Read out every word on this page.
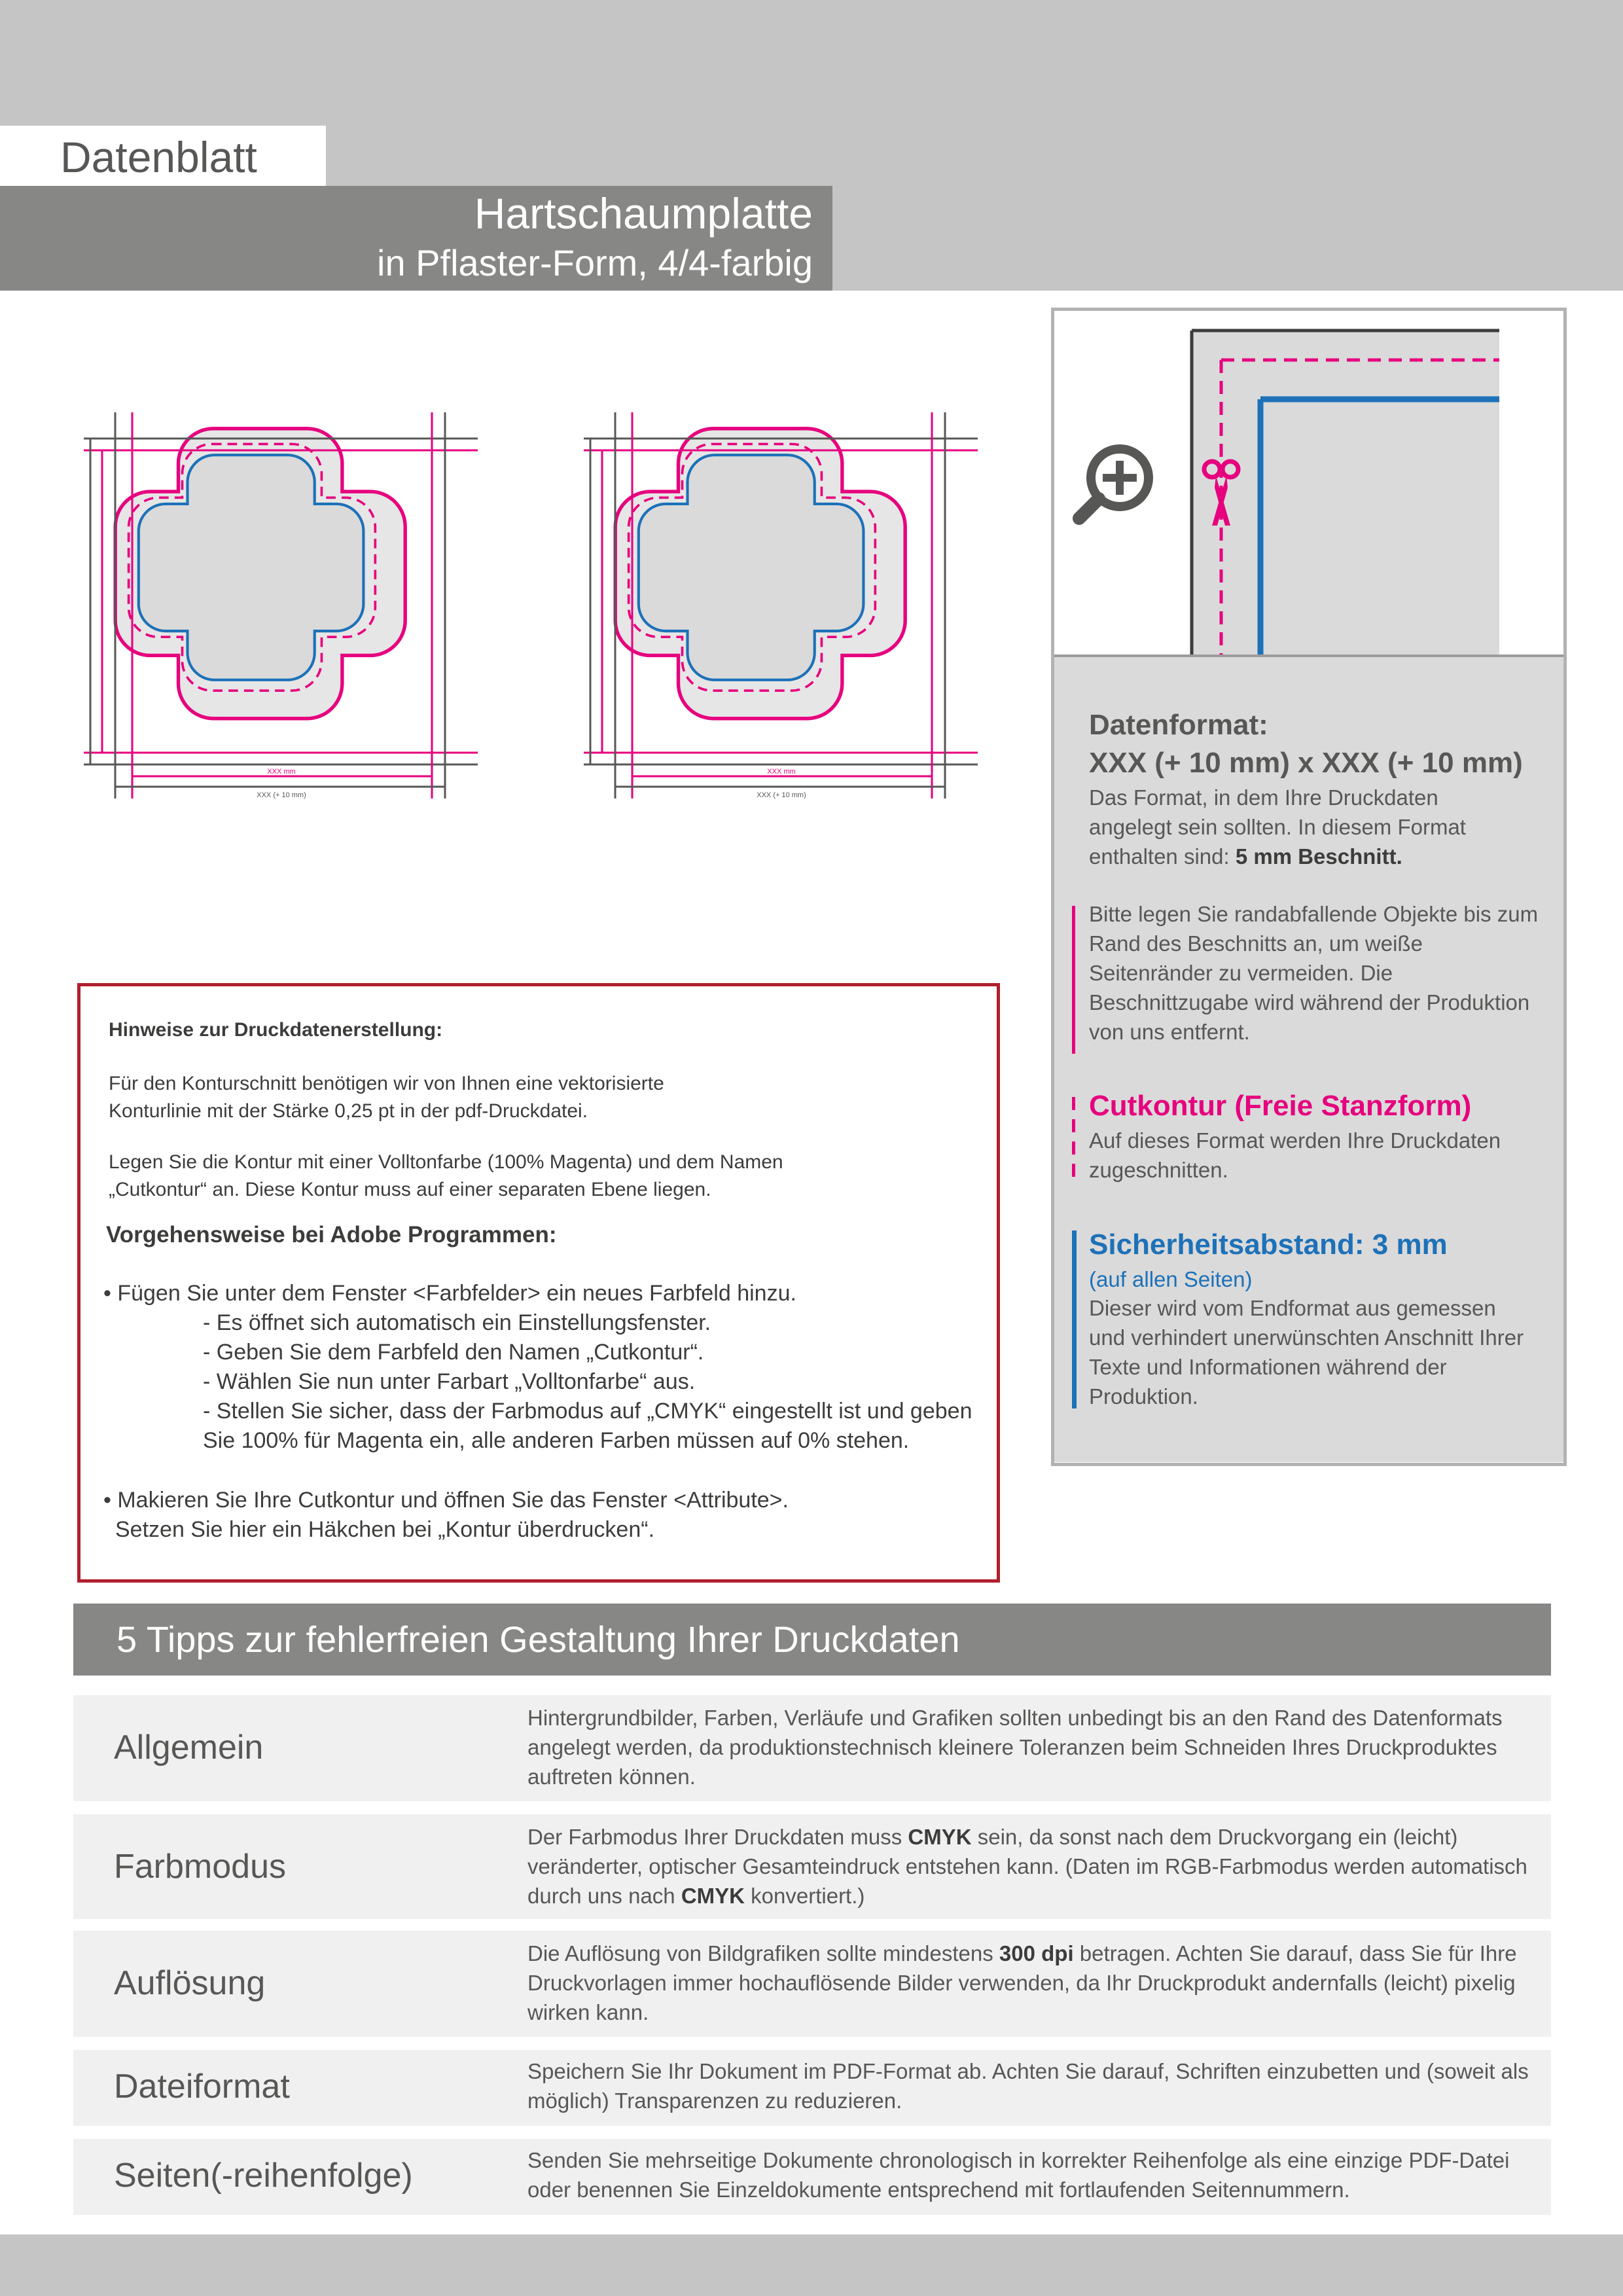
Datenblatt
Hartschaumplatte
in Pflaster-Form, 4/4-farbig
XXX mm
XXX (+ 10 mm)
XXX mm
XXX (+ 10 mm)
Datenformat:
XXX (+ 10 mm) x XXX (+ 10 mm)
Das Format, in dem Ihre Druckdaten angelegt sein sollten. In diesem Format enthalten sind: 5 mm Beschnitt.
Bitte legen Sie randabfallende Objekte bis zum Rand des Beschnitts an, um weiße Seitenränder zu vermeiden. Die Beschnittzugabe wird während der Produktion von uns entfernt.
Cutkontur (Freie Stanzform)
Auf dieses Format werden Ihre Druckdaten zugeschnitten.
Sicherheitsabstand: 3 mm
(auf allen Seiten)
Dieser wird vom Endformat aus gemessen und verhindert unerwünschten Anschnitt Ihrer Texte und Informationen während der Produktion.
Hinweise zur Druckdatenerstellung:
Für den Konturschnitt benötigen wir von Ihnen eine vektorisierte
Konturlinie mit der Stärke 0,25 pt in der pdf-Druckdatei.
Legen Sie die Kontur mit einer Volltonfarbe (100% Magenta) und dem Namen
„Cutkontur“ an. Diese Kontur muss auf einer separaten Ebene liegen.
Vorgehensweise bei Adobe Programmen:
• Fügen Sie unter dem Fenster <Farbfelder> ein neues Farbfeld hinzu.
- Es öffnet sich automatisch ein Einstellungsfenster.
- Geben Sie dem Farbfeld den Namen „Cutkontur“.
- Wählen Sie nun unter Farbart „Volltonfarbe“ aus.
- Stellen Sie sicher, dass der Farbmodus auf „CMYK“ eingestellt ist und geben
Sie 100% für Magenta ein, alle anderen Farben müssen auf 0% stehen.
• Makieren Sie Ihre Cutkontur und öffnen Sie das Fenster <Attribute>.
Setzen Sie hier ein Häkchen bei „Kontur überdrucken“.
5 Tipps zur fehlerfreien Gestaltung Ihrer Druckdaten
Allgemein
Hintergrundbilder, Farben, Verläufe und Grafiken sollten unbedingt bis an den Rand des Datenformats angelegt werden, da produktionstechnisch kleinere Toleranzen beim Schneiden Ihres Druckproduktes auftreten können.
Farbmodus
Der Farbmodus Ihrer Druckdaten muss CMYK sein, da sonst nach dem Druckvorgang ein (leicht) veränderter, optischer Gesamteindruck entstehen kann. (Daten im RGB-Farbmodus werden automatisch durch uns nach CMYK konvertiert.)
Auflösung
Die Auflösung von Bildgrafiken sollte mindestens 300 dpi betragen. Achten Sie darauf, dass Sie für Ihre Druckvorlagen immer hochauflösende Bilder verwenden, da Ihr Druckprodukt andernfalls (leicht) pixelig wirken kann.
Dateiformat	Speichern Sie Ihr Dokument im PDF-Format ab. Achten Sie darauf, Schriften einzubetten und (soweit als möglich) Transparenzen zu reduzieren.
Seiten(-reihenfolge)	Senden Sie mehrseitige Dokumente chronologisch in korrekter Reihenfolge als eine einzige PDF-Datei oder benennen Sie Einzeldokumente entsprechend mit fortlaufenden Seitennummern.
